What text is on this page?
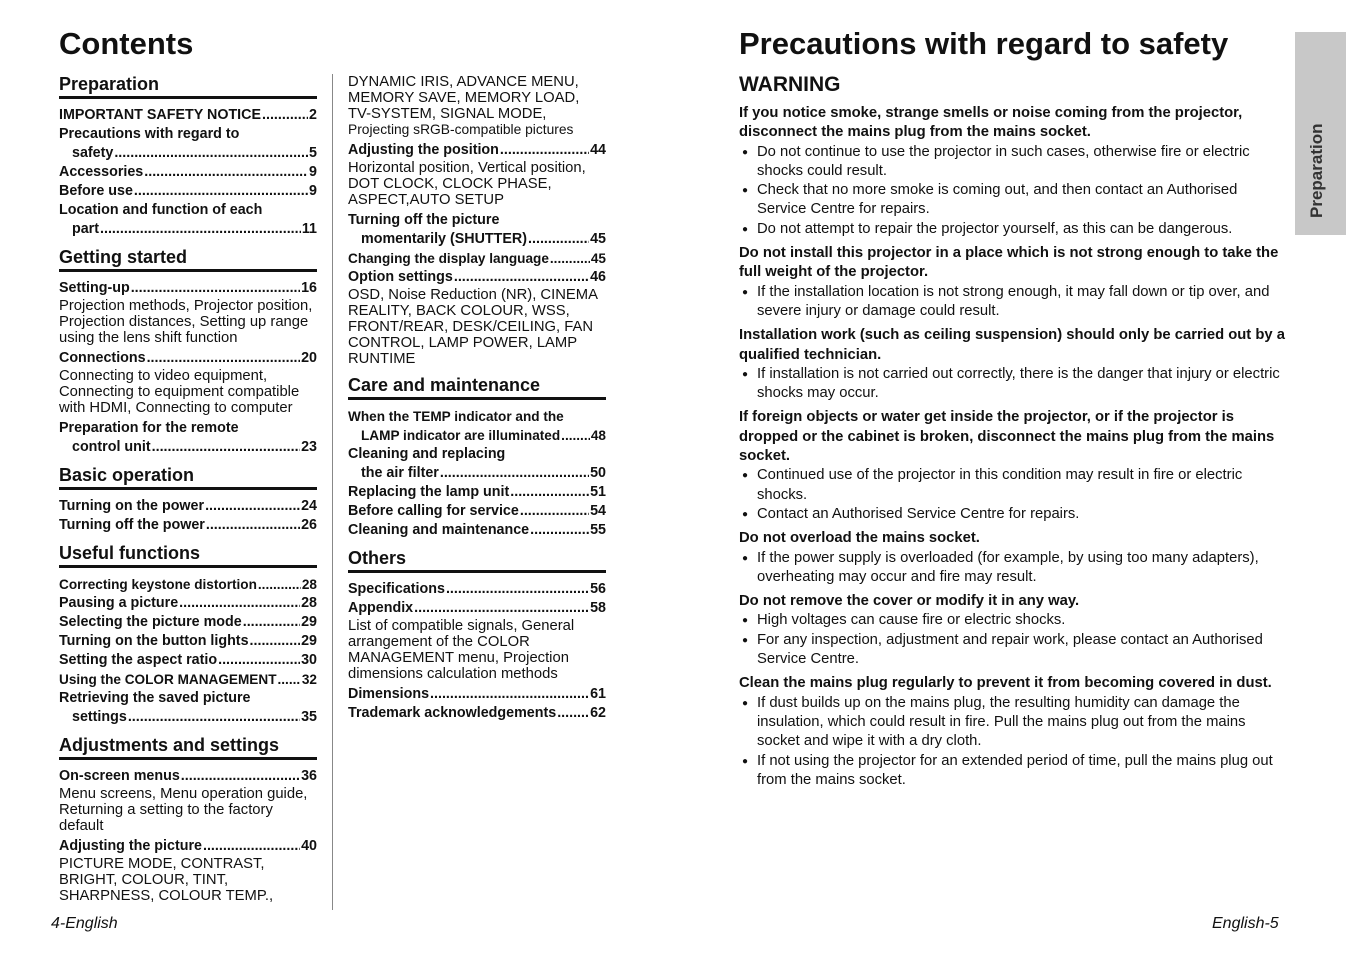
Contents
Preparation
IMPORTANT SAFETY NOTICE .....	2
Precautions with regard to
safety .....	5
Accessories .....	9
Before use .....	9
Location and function of each
part .....	11
Getting started
Setting-up .....	16
Projection methods, Projector position, Projection distances, Setting up range using the lens shift function
Connections .....	20
Connecting to video equipment, Connecting to equipment compatible with HDMI, Connecting to computer
Preparation for the remote
control unit .....	23
Basic operation
Turning on the power .....	24
Turning off the power .....	26
Useful functions
Correcting keystone distortion .....	28
Pausing a picture .....	28
Selecting the picture mode .....	29
Turning on the button lights .....	29
Setting the aspect ratio .....	30
Using the COLOR MANAGEMENT ..... 32
Retrieving the saved picture
settings .....	35
Adjustments and settings
On-screen menus .....	36
Menu screens, Menu operation guide, Returning a setting to the factory default
Adjusting the picture .....	40
PICTURE MODE, CONTRAST, BRIGHT, COLOUR, TINT, SHARPNESS, COLOUR TEMP.,
DYNAMIC IRIS, ADVANCE MENU, MEMORY SAVE, MEMORY LOAD, TV-SYSTEM, SIGNAL MODE,
Projecting sRGB-compatible pictures
Adjusting the position .....	44
Horizontal position, Vertical position, DOT CLOCK, CLOCK PHASE, ASPECT,AUTO SETUP
Turning off the picture
momentarily (SHUTTER) .....	45
Changing the display language .....	45
Option settings .....	46
OSD, Noise Reduction (NR), CINEMA REALITY, BACK COLOUR, WSS, FRONT/REAR, DESK/CEILING, FAN CONTROL, LAMP POWER, LAMP RUNTIME
Care and maintenance
When the TEMP indicator and the
LAMP indicator are illuminated ..... 48
Cleaning and replacing
the air filter .....	50
Replacing the lamp unit .....	51
Before calling for service .....	54
Cleaning and maintenance .....	55
Others
Specifications .....	56
Appendix .....	58
List of compatible signals, General arrangement of the COLOR MANAGEMENT menu, Projection dimensions calculation methods
Dimensions .....	61
Trademark acknowledgements ..... 62
4-English
Precautions with regard to safety
WARNING
If you notice smoke, strange smells or noise coming from the projector, disconnect the mains plug from the mains socket.
● Do not continue to use the projector in such cases, otherwise fire or electric shocks could result.
● Check that no more smoke is coming out, and then contact an Authorised Service Centre for repairs.
● Do not attempt to repair the projector yourself, as this can be dangerous.
Do not install this projector in a place which is not strong enough to take the full weight of the projector.
● If the installation location is not strong enough, it may fall down or tip over, and severe injury or damage could result.
Installation work (such as ceiling suspension) should only be carried out by a qualified technician.
● If installation is not carried out correctly, there is the danger that injury or electric shocks may occur.
If foreign objects or water get inside the projector, or if the projector is dropped or the cabinet is broken, disconnect the mains plug from the mains socket.
● Continued use of the projector in this condition may result in fire or electric shocks.
● Contact an Authorised Service Centre for repairs.
Do not overload the mains socket.
● If the power supply is overloaded (for example, by using too many adapters), overheating may occur and fire may result.
Do not remove the cover or modify it in any way.
● High voltages can cause fire or electric shocks.
● For any inspection, adjustment and repair work, please contact an Authorised Service Centre.
Clean the mains plug regularly to prevent it from becoming covered in dust.
● If dust builds up on the mains plug, the resulting humidity can damage the insulation, which could result in fire. Pull the mains plug out from the mains socket and wipe it with a dry cloth.
● If not using the projector for an extended period of time, pull the mains plug out from the mains socket.
Preparation
English-5
